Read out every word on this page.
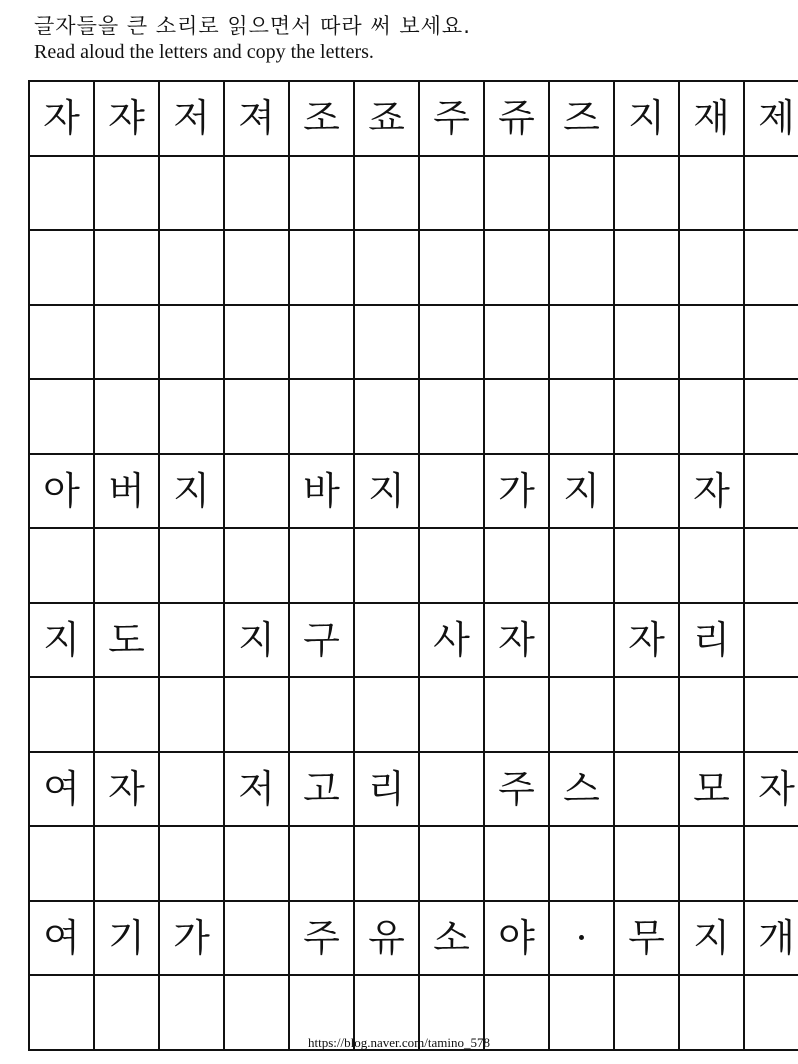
글자들을 큰 소리로 읽으면서 따라 써 보세요.
Read aloud the letters and copy the letters.
자	쟈	저	져	조	죠	주	쥬	즈	지	재	제

아	버	지		바	지		가	지		자	

지	도		지	구		사	자		자	리	

여	자		저	고	리		주	스		모	자

여	기	가		주	유	소	야	·	무	지	개

https://blog.naver.com/tamino_578
